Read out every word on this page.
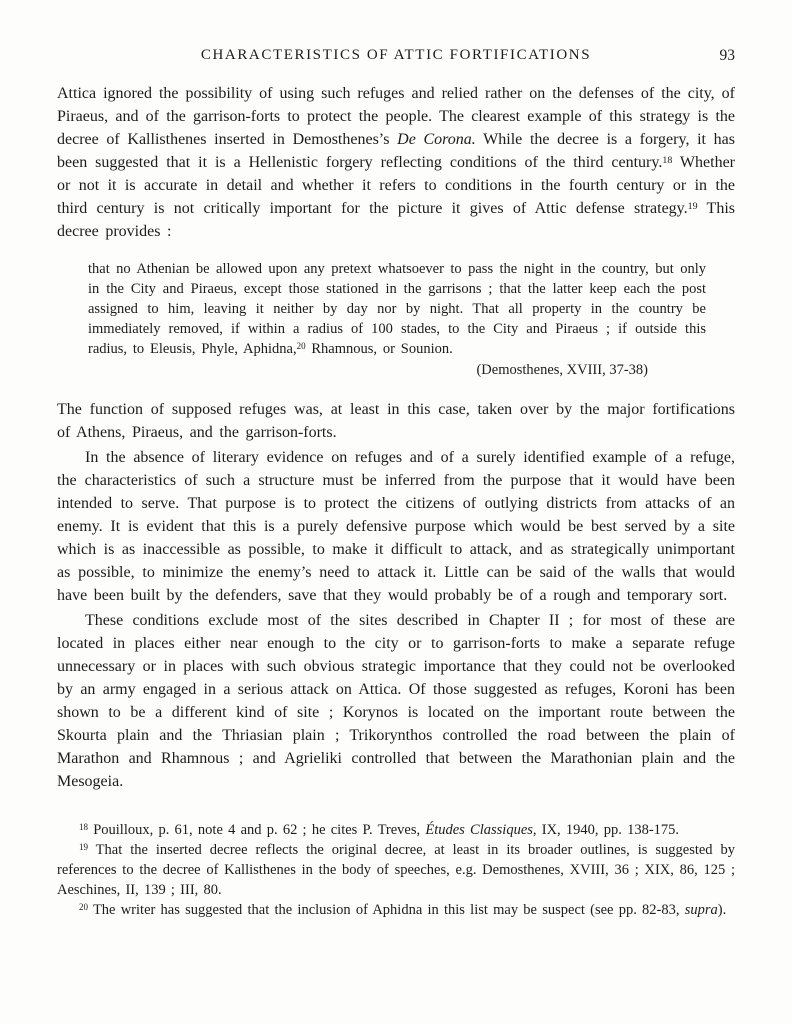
CHARACTERISTICS OF ATTIC FORTIFICATIONS	93

Attica ignored the possibility of using such refuges and relied rather on the defenses of the city, of Piraeus, and of the garrison-forts to protect the people. The clearest example of this strategy is the decree of Kallisthenes inserted in Demosthenes’s De Corona. While the decree is a forgery, it has been suggested that it is a Hellenistic forgery reflecting conditions of the third century.$^{18}$ Whether or not it is accurate in detail and whether it refers to conditions in the fourth century or in the third century is not critically important for the picture it gives of Attic defense strategy.$^{19}$ This decree provides :

that no Athenian be allowed upon any pretext whatsoever to pass the night in the country, but only in the City and Piraeus, except those stationed in the garrisons ; that the latter keep each the post assigned to him, leaving it neither by day nor by night. That all property in the country be immediately removed, if within a radius of 100 stades, to the City and Piraeus ; if outside this radius, to Eleusis, Phyle, Aphidna,$^{20}$ Rhamnous, or Sounion.

(Demosthenes, XVIII, 37-38)

The function of supposed refuges was, at least in this case, taken over by the major fortifications of Athens, Piraeus, and the garrison-forts.

In the absence of literary evidence on refuges and of a surely identified example of a refuge, the characteristics of such a structure must be inferred from the purpose that it would have been intended to serve. That purpose is to protect the citizens of outlying districts from attacks of an enemy. It is evident that this is a purely defensive purpose which would be best served by a site which is as inaccessible as possible, to make it difficult to attack, and as strategically unimportant as possible, to minimize the enemy’s need to attack it. Little can be said of the walls that would have been built by the defenders, save that they would probably be of a rough and temporary sort.

These conditions exclude most of the sites described in Chapter II ; for most of these are located in places either near enough to the city or to garrison-forts to make a separate refuge unnecessary or in places with such obvious strategic importance that they could not be overlooked by an army engaged in a serious attack on Attica. Of those suggested as refuges, Koroni has been shown to be a different kind of site ; Korynos is located on the important route between the Skourta plain and the Thriasian plain ; Trikorynthos controlled the road between the plain of Marathon and Rhamnous ; and Agrieliki controlled that between the Marathonian plain and the Mesogeia.

$^{18}$ Pouilloux, p. 61, note 4 and p. 62 ; he cites P. Treves, Études Classiques, IX, 1940, pp. 138-175.

$^{19}$ That the inserted decree reflects the original decree, at least in its broader outlines, is suggested by references to the decree of Kallisthenes in the body of speeches, e.g. Demosthenes, XVIII, 36 ; XIX, 86, 125 ; Aeschines, II, 139 ; III, 80.

$^{20}$ The writer has suggested that the inclusion of Aphidna in this list may be suspect (see pp. 82-83, supra).
